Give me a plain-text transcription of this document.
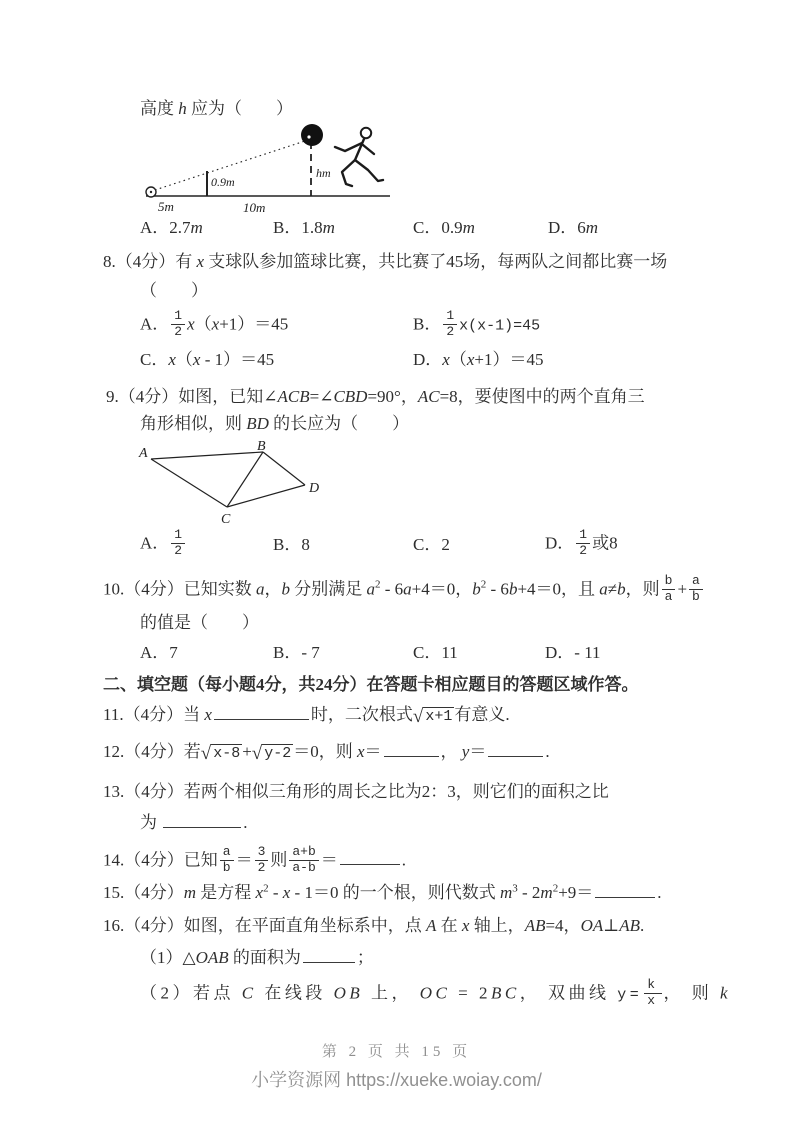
高度 h 应为（　　）
0.9m
hm
5m	10m
A．2.7m	B．1.8m	C．0.9m	D．6m
8.（4分）有 x 支球队参加篮球比赛，共比赛了45场，每两队之间都比赛一场
（　　）
A． $\frac{1}{2} x(x+1)=45$	B． $\frac{1}{2} x(x-1)=45$
C．x（x - 1）＝45	D．x（x+1）＝45
9.（4分）如图，已知∠ACB=∠CBD=90°，AC=8，要使图中的两个直角三
角形相似，则 BD 的长应为（　　）
A	B
C
D
A． $\frac{1}{2}$	B．8	C．2	D． $\frac{1}{2}$ 或8
10.（4分）已知实数 a，b 分别满足 $a^2 - 6a+4=0$，$b^2 - 6b+4=0$，且 a≠b，则 $\frac{b}{a} + \frac{a}{b}$
的值是（　　）
A．7	B．- 7	C．11	D．- 11
二、填空题（每小题4分，共24分）在答题卡相应题目的答题区域作答。
11.（4分）当 x	时，二次根式√ x+1 有意义.
12.（4分）若√ x-8 +√ y-2 ＝0，则 x＝	， y＝	.
13.（4分）若两个相似三角形的周长之比为2：3，则它们的面积之比
为	.
14.（4分）已知 $\frac{a}{b} = \frac{3}{2}$ 则 $\frac{a+b}{a-b}$ ＝	.
15.（4分）m 是方程 $x^2 - x - 1=0$ 的一个根，则代数式 $m^3 - 2m^2+9=$	.
16.（4分）如图，在平面直角坐标系中，点 A 在 x 轴上，AB=4，OA⊥AB.
（1）△OAB 的面积为	；
（2）若点 C 在线段 OB 上， OC = 2BC， 双曲线 $y= \frac{k}{x}$ ， 则 k
第 2 页 共 15 页
小学资源网 https://xueke.woiay.com/
